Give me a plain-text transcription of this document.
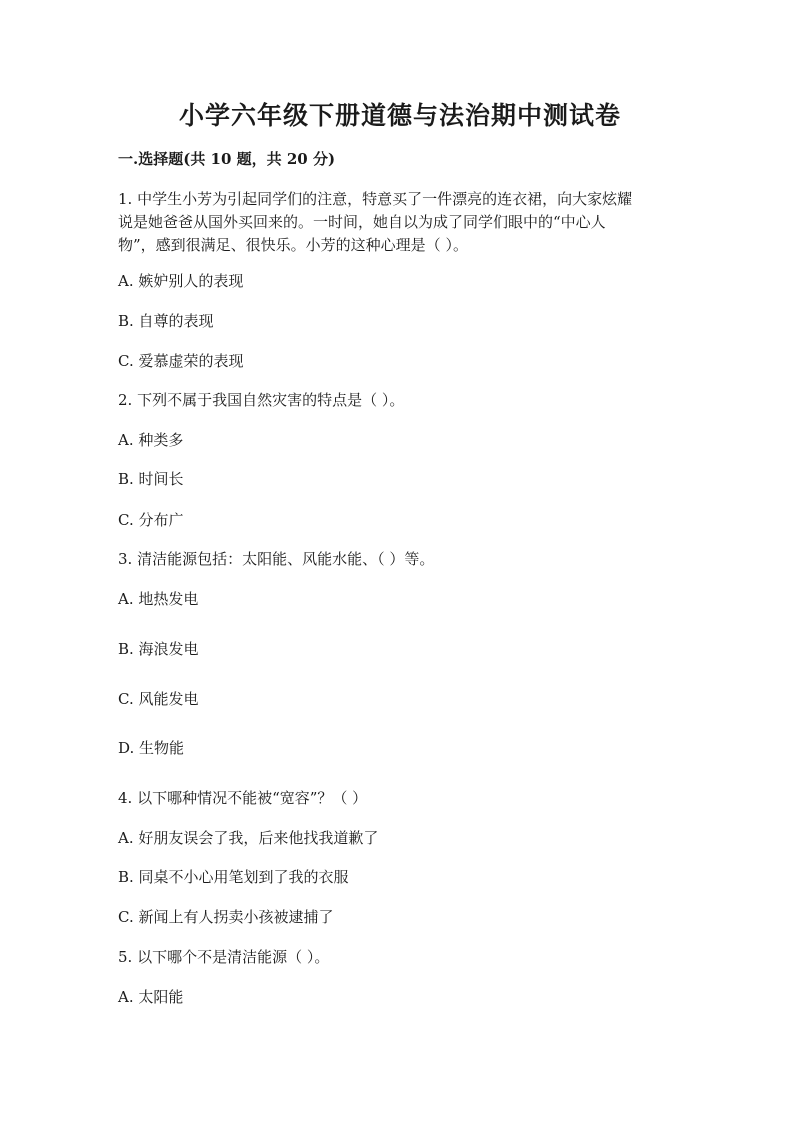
小学六年级下册道德与法治期中测试卷
一.选择题(共 10 题，共 20 分)
1. 中学生小芳为引起同学们的注意，特意买了一件漂亮的连衣裙，向大家炫耀
说是她爸爸从国外买回来的。一时间，她自以为成了同学们眼中的“中心人
物”，感到很满足、很快乐。小芳的这种心理是（ ）。
A. 嫉妒别人的表现
B. 自尊的表现
C. 爱慕虚荣的表现
2. 下列不属于我国自然灾害的特点是（ ）。
A. 种类多
B. 时间长
C. 分布广
3. 清洁能源包括：太阳能、风能水能、（ ）等。
A. 地热发电
B. 海浪发电
C. 风能发电
D. 生物能
4. 以下哪种情况不能被“宽容”？（ ）
A. 好朋友误会了我，后来他找我道歉了
B. 同桌不小心用笔划到了我的衣服
C. 新闻上有人拐卖小孩被逮捕了
5. 以下哪个不是清洁能源（ ）。
A. 太阳能
